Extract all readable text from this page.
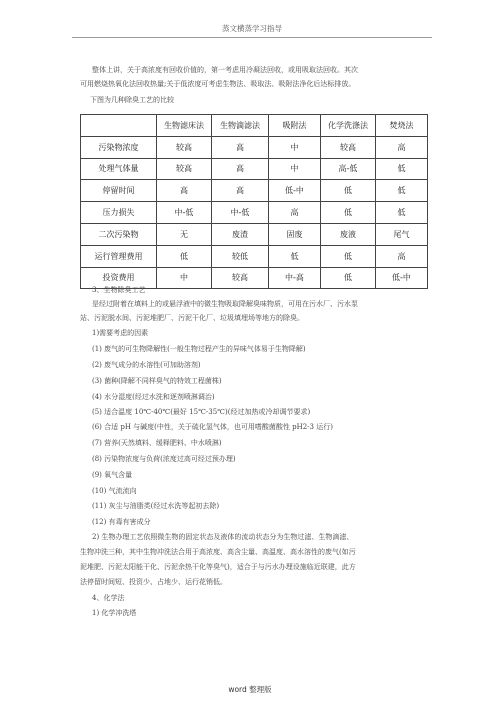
蒸文横蒸学习指导
整体上讲，关于高浓度有回收价值的，第一考虑用冷凝法回收，或用吸取法回收。其次
可用燃烧热氧化法回收热量;关于低浓度可考虑生物法、吸取法、吸附法净化后达标排放。
下图为几种除臭工艺的比较
	生物滤床法	生物滴滤法	吸附法	化学洗涤法	焚烧法
污染物浓度	较高	高	中	较高	高
处理气体量	较高	高	中	高-低	低
停留时间	高	高	低-中	低	低
压力损失	中-低	中-低	高	低	低
二次污染物	无	废渣	固废	废液	尾气
运行管理费用	低	较低	低	低	高
投资费用	中	较高	中-高	低	低-中
3、生物除臭工艺
是经过附着在填料上的或悬浮液中的微生物吸取降解臭味物质，可用在污水厂、污水泵
站、污泥脱水间、污泥堆肥厂、污泥干化厂、垃圾填埋场等地方的除臭。
1)需要考虑的因素
(1) 废气的可生物降解性(一般生物过程产生的异味气体易于生物降解)
(2) 废气成分的水溶性(可加助溶剂)
(3) 菌种(降解不同样臭气的特效工程菌株)
(4) 水分湿度(经过水洗和逐剂喷淋调治)
(5) 适合温度 10℃-40℃(最好 15℃-35℃)(经过加热或冷却调节要求)
(6) 合适 pH 与碱度(中性，关于硫化氢气体，也可用嗜酸菌酸性 pH2-3 运行)
(7) 营养(天然填料、缓释肥料、中水喷淋)
(8) 污染物浓度与负荷(浓度过高可经过预办理)
(9) 氧气含量
(10) 气流流向
(11) 灰尘与油脂类(经过水洗等起初去除)
(12) 有毒有害成分
2) 生物办理工艺依照微生物的固定状态及液体的流动状态分为生物过滤、生物滴滤、
生物冲洗三种，其中生物冲洗法合用于高浓度、高含尘量、高温度、高水溶性的废气(如污
泥堆肥、污泥太阳能干化、污泥余热干化等臭气)，适合于与污水办理设施临近联建，此方
法停留时间短、投资少、占地少、运行花销低。
4、化学法
1) 化学冲洗塔
word 整理版
